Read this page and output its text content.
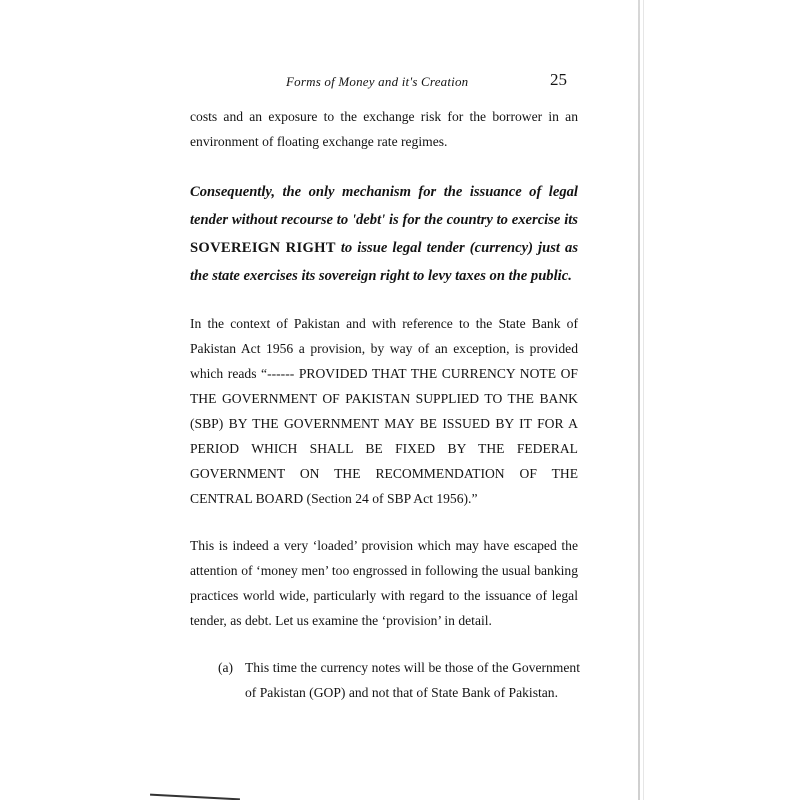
Forms of Money and it's Creation	25

costs and an exposure to the exchange risk for the borrower in an environment of floating exchange rate regimes.

Consequently, the only mechanism for the issuance of legal tender without recourse to 'debt' is for the country to exercise its SOVEREIGN RIGHT to issue legal tender (currency) just as the state exercises its sovereign right to levy taxes on the public.

In the context of Pakistan and with reference to the State Bank of Pakistan Act 1956 a provision, by way of an exception, is provided which reads “------ PROVIDED THAT THE CURRENCY NOTE OF THE GOVERNMENT OF PAKISTAN SUPPLIED TO THE BANK (SBP) BY THE GOVERNMENT MAY BE ISSUED BY IT FOR A PERIOD WHICH SHALL BE FIXED BY THE FEDERAL GOVERNMENT ON THE RECOMMENDATION OF THE CENTRAL BOARD (Section 24 of SBP Act 1956).”

This is indeed a very ‘loaded’ provision which may have escaped the attention of ‘money men’ too engrossed in following the usual banking practices world wide, particularly with regard to the issuance of legal tender, as debt. Let us examine the ‘provision’ in detail.

(a) This time the currency notes will be those of the Government of Pakistan (GOP) and not that of State Bank of Pakistan.
